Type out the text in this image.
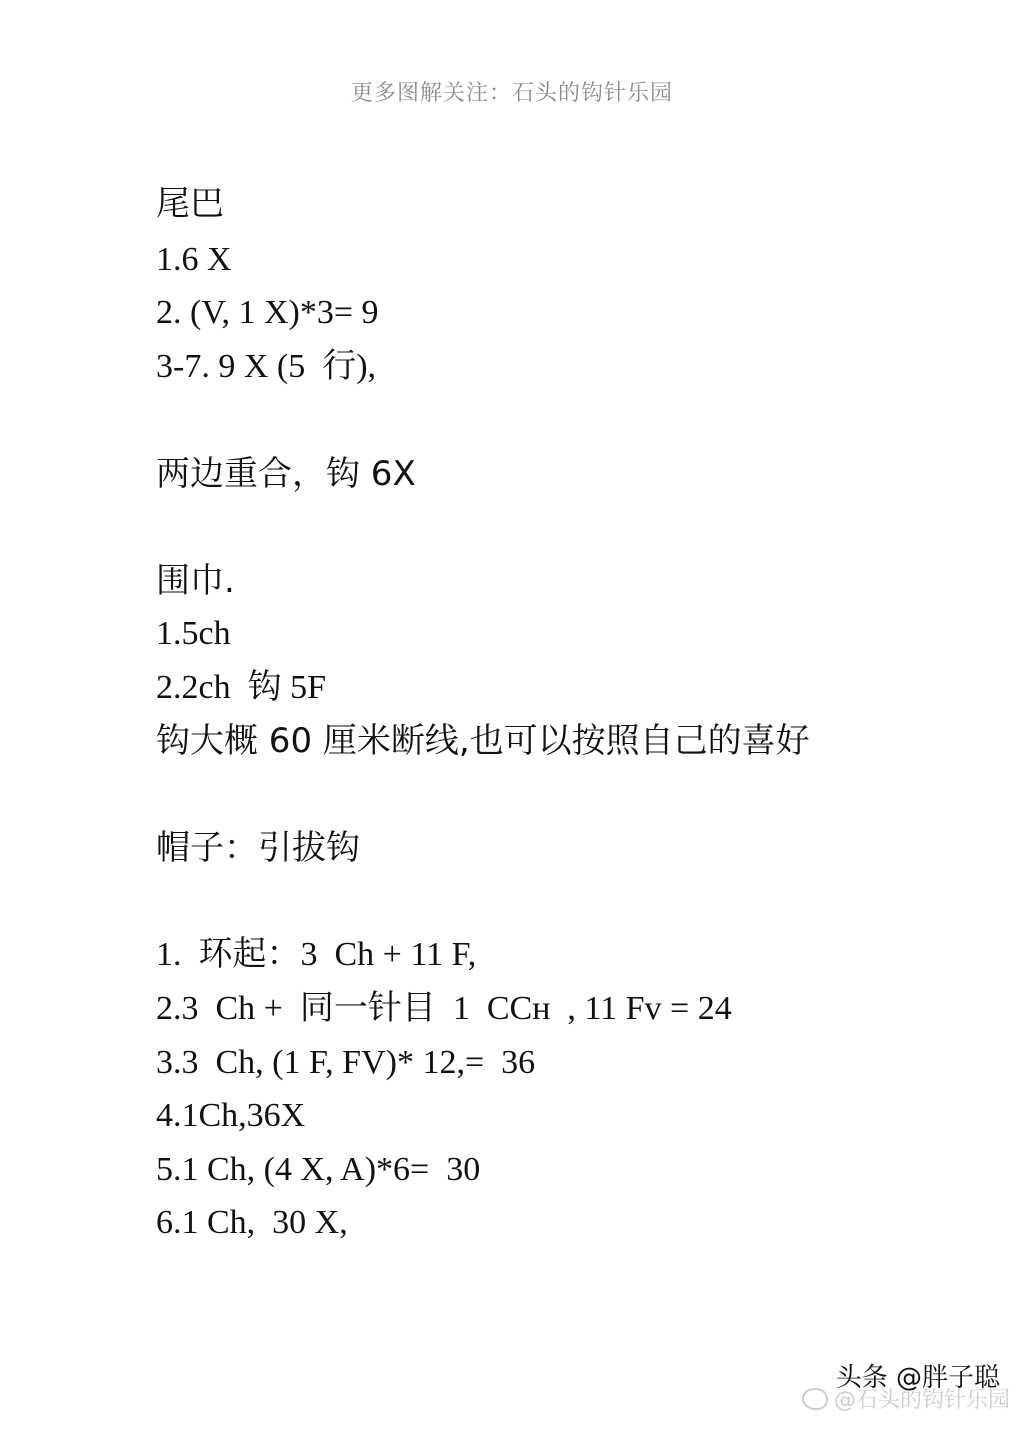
更多图解关注：石头的钩针乐园
尾巴
1.6 X
2. (V, 1 X)*3= 9
3-7. 9 X (5  行),
两边重合，钩 6X
围巾.
1.5ch
2.2ch  钩 5F
钩大概 60 厘米断线,也可以按照自己的喜好
帽子：引拔钩
1.  环起：3  Ch + 11 F,
2.3  Ch +  同一针目  1  CCн  , 11 Fv = 24
3.3  Ch, (1 F, FV)* 12,=  36
4.1Ch,36X
5.1 Ch, (4 X, A)*6=  30
6.1 Ch,  30 X,
@石头的钩针乐园
头条 @胖子聪
